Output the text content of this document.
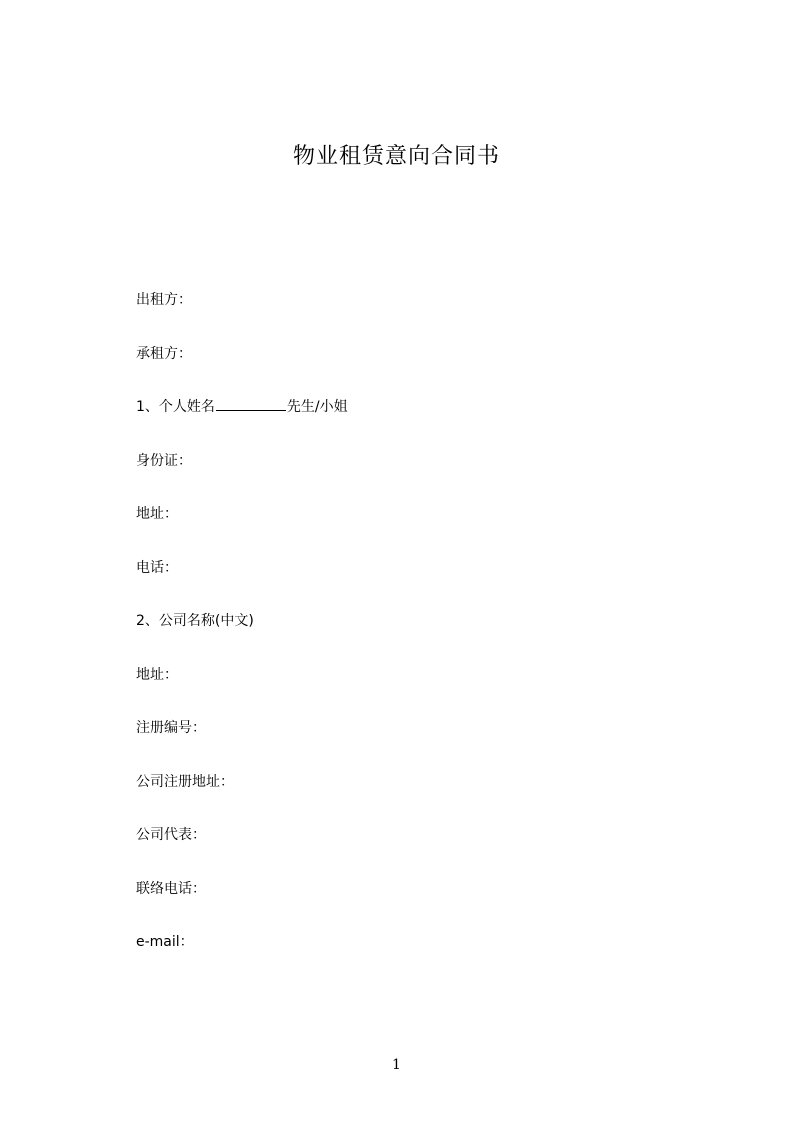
物业租赁意向合同书
出租方：
承租方：
1、个人姓名	先生/小姐
身份证：
地址：
电话：
2、公司名称(中文)
地址：
注册编号：
公司注册地址：
公司代表：
联络电话：
e-mail：
1
